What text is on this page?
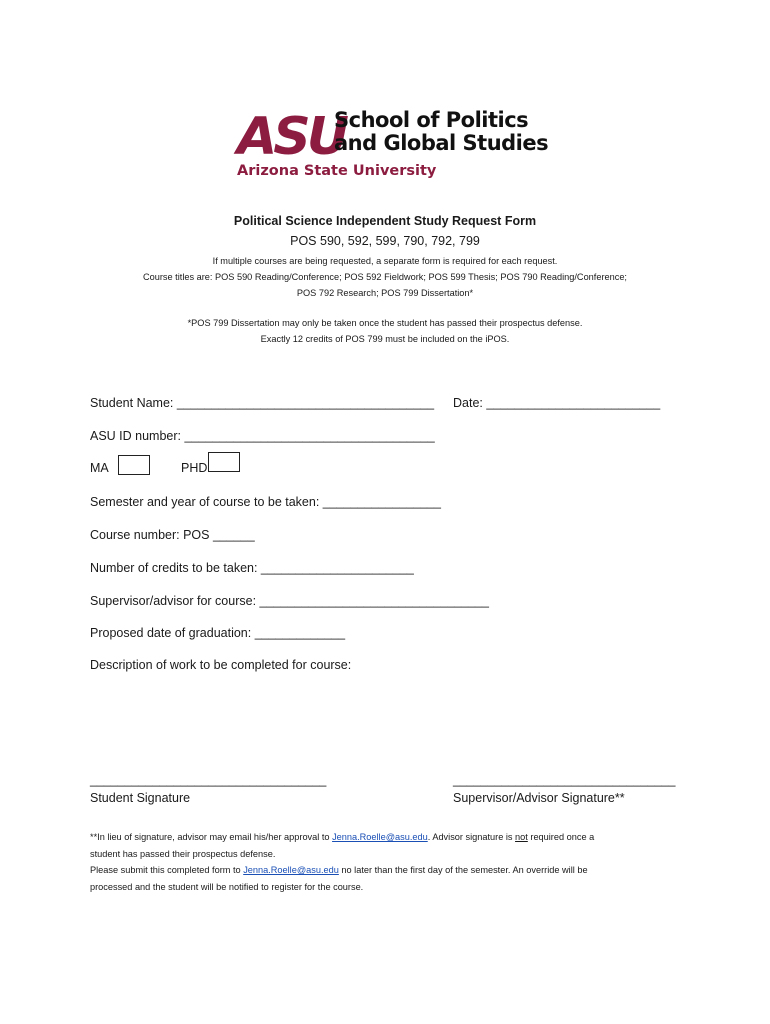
ASU
School of Politics
and Global Studies
Arizona State University
Political Science Independent Study Request Form
POS 590, 592, 599, 790, 792, 799
If multiple courses are being requested, a separate form is required for each request.
Course titles are: POS 590 Reading/Conference; POS 592 Fieldwork; POS 599 Thesis; POS 790 Reading/Conference;
POS 792 Research; POS 799 Dissertation*
*POS 799 Dissertation may only be taken once the student has passed their prospectus defense.
Exactly 12 credits of POS 799 must be included on the iPOS.
Student Name: _____________________________________ Date: _________________________
ASU ID number: ____________________________________
MA	PHD
Semester and year of course to be taken: _________________
Course number: POS ______
Number of credits to be taken: ______________________
Supervisor/advisor for course: _________________________________
Proposed date of graduation: _____________
Description of work to be completed for course:
__________________________________	________________________________
Student Signature	Supervisor/Advisor Signature**
**In lieu of signature, advisor may email his/her approval to Jenna.Roelle@asu.edu. Advisor signature is not required once a
student has passed their prospectus defense.
Please submit this completed form to Jenna.Roelle@asu.edu no later than the first day of the semester. An override will be
processed and the student will be notified to register for the course.
